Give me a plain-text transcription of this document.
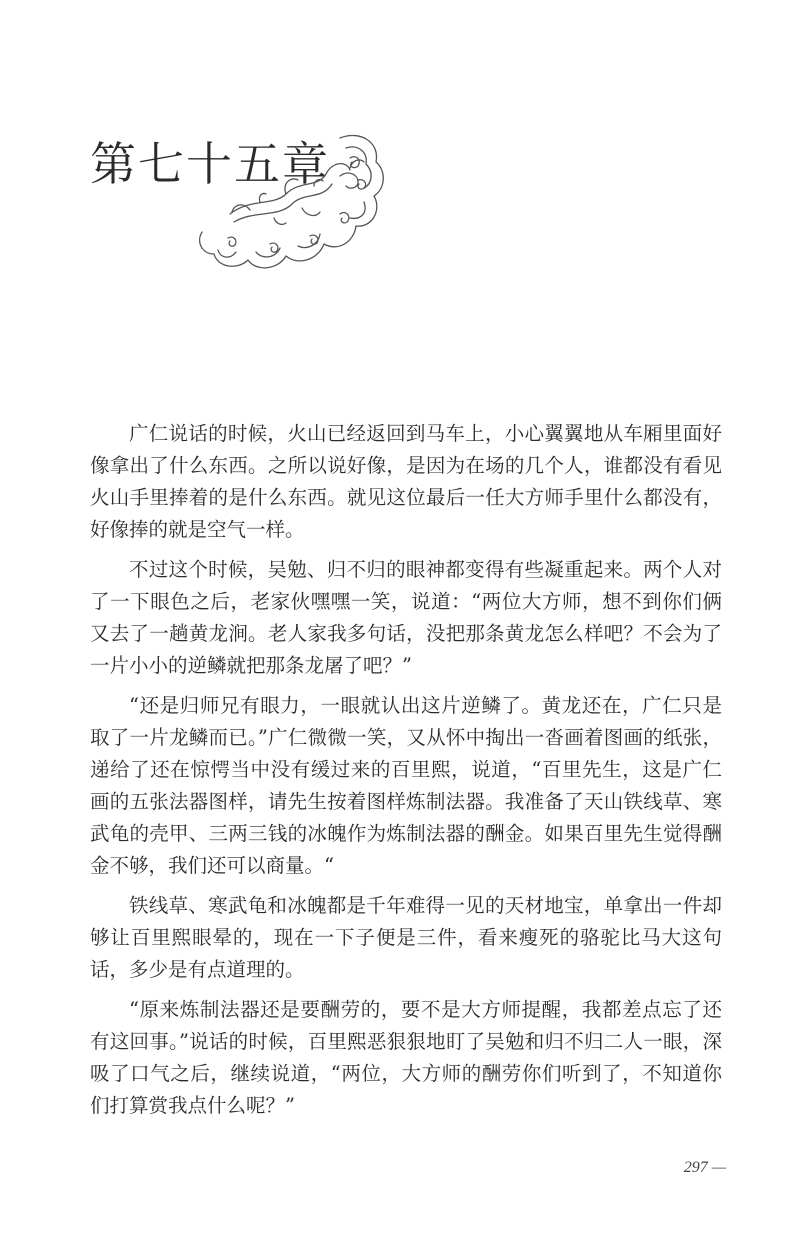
第七十五章

广仁说话的时候，火山已经返回到马车上，小心翼翼地从车厢里面好像拿出了什么东西。之所以说好像，是因为在场的几个人，谁都没有看见火山手里捧着的是什么东西。就见这位最后一任大方师手里什么都没有，好像捧的就是空气一样。

不过这个时候，吴勉、归不归的眼神都变得有些凝重起来。两个人对了一下眼色之后，老家伙嘿嘿一笑，说道：“两位大方师，想不到你们俩又去了一趟黄龙涧。老人家我多句话，没把那条黄龙怎么样吧？不会为了一片小小的逆鳞就把那条龙屠了吧？”

“还是归师兄有眼力，一眼就认出这片逆鳞了。黄龙还在，广仁只是取了一片龙鳞而已。”广仁微微一笑，又从怀中掏出一沓画着图画的纸张，递给了还在惊愕当中没有缓过来的百里熙，说道，“百里先生，这是广仁画的五张法器图样，请先生按着图样炼制法器。我准备了天山铁线草、寒武龟的壳甲、三两三钱的冰魄作为炼制法器的酬金。如果百里先生觉得酬金不够，我们还可以商量。“

铁线草、寒武龟和冰魄都是千年难得一见的天材地宝，单拿出一件却够让百里熙眼晕的，现在一下子便是三件，看来瘦死的骆驼比马大这句话，多少是有点道理的。

“原来炼制法器还是要酬劳的，要不是大方师提醒，我都差点忘了还有这回事。”说话的时候，百里熙恶狠狠地盯了吴勉和归不归二人一眼，深吸了口气之后，继续说道，“两位，大方师的酬劳你们听到了，不知道你们打算赏我点什么呢？”

297 —
